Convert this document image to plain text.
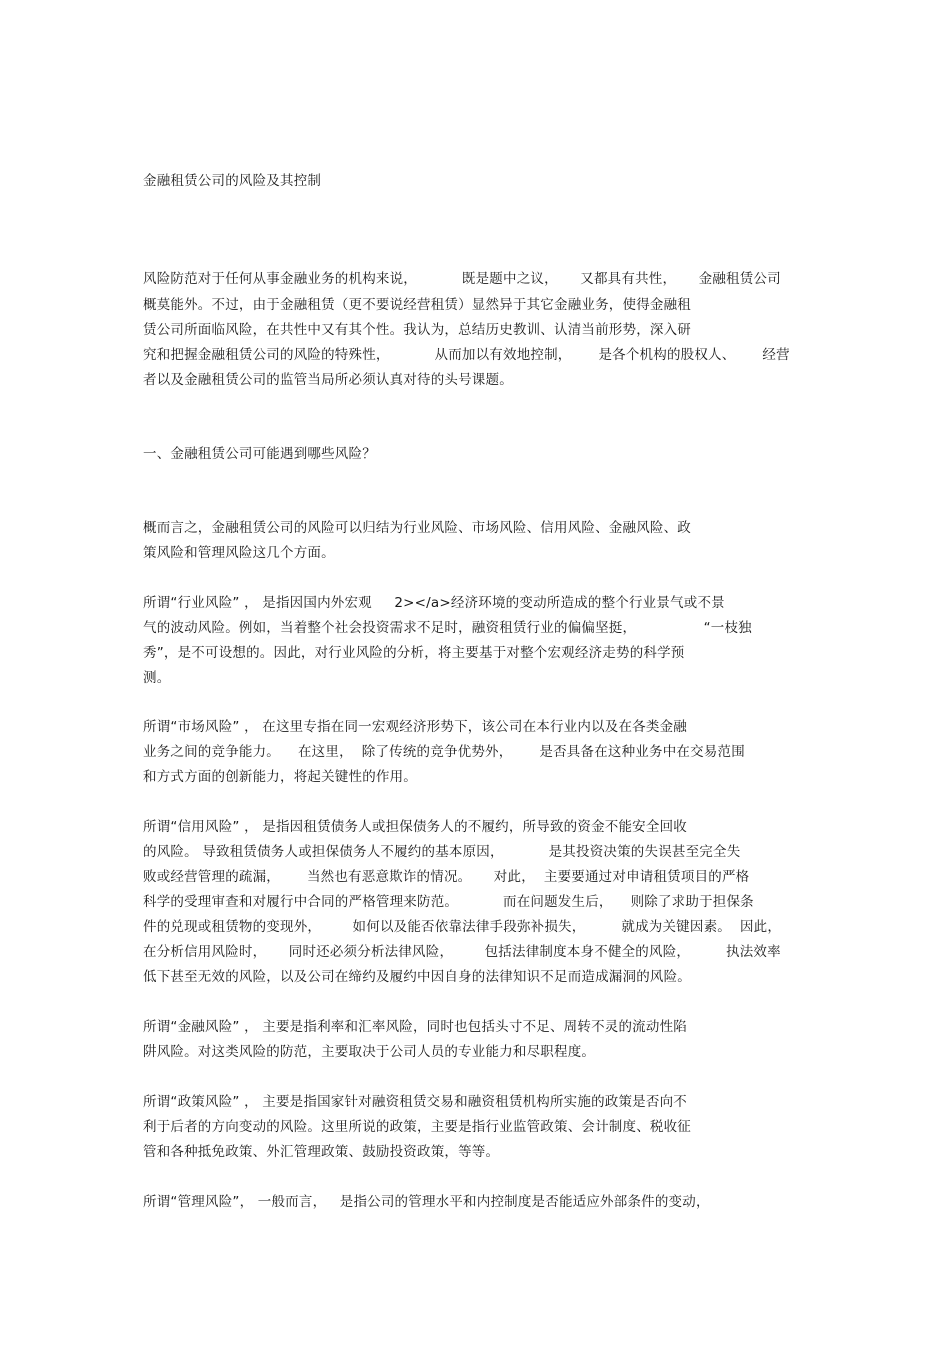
金融租赁公司的风险及其控制
风险防范对于任何从事金融业务的机构来说，          既是题中之议，     又都具有共性，     金融租赁公司
概莫能外。不过，由于金融租赁（更不要说经营租赁）显然异于其它金融业务，使得金融租
赁公司所面临风险，在共性中又有其个性。我认为，总结历史教训、认清当前形势，深入研
究和把握金融租赁公司的风险的特殊性，          从而加以有效地控制，      是各个机构的股权人、      经营
者以及金融租赁公司的监管当局所必须认真对待的头号课题。
一、金融租赁公司可能遇到哪些风险？
概而言之，金融租赁公司的风险可以归结为行业风险、市场风险、信用风险、金融风险、政
策风险和管理风险这几个方面。
所谓“行业风险” ， 是指因国内外宏观     2></a>经济环境的变动所造成的整个行业景气或不景
气的波动风险。例如，当着整个社会投资需求不足时，融资租赁行业的偏偏坚挺，               “一枝独
秀”，是不可设想的。因此，对行业风险的分析，将主要基于对整个宏观经济走势的科学预
测。
所谓“市场风险” ， 在这里专指在同一宏观经济形势下，该公司在本行业内以及在各类金融
业务之间的竞争能力。    在这里，  除了传统的竞争优势外，      是否具备在这种业务中在交易范围
和方式方面的创新能力，将起关键性的作用。
所谓“信用风险” ， 是指因租赁债务人或担保债务人的不履约，所导致的资金不能安全回收
的风险。 导致租赁债务人或担保债务人不履约的基本原因，          是其投资决策的失误甚至完全失
败或经营管理的疏漏，      当然也有恶意欺诈的情况。     对此，  主要要通过对申请租赁项目的严格
科学的受理审查和对履行中合同的严格管理来防范。          而在问题发生后，    则除了求助于担保条
件的兑现或租赁物的变现外，       如何以及能否依靠法律手段弥补损失，        就成为关键因素。  因此，
在分析信用风险时，     同时还必须分析法律风险，       包括法律制度本身不健全的风险，        执法效率
低下甚至无效的风险，以及公司在缔约及履约中因自身的法律知识不足而造成漏洞的风险。
所谓“金融风险” ， 主要是指利率和汇率风险，同时也包括头寸不足、周转不灵的流动性陷
阱风险。对这类风险的防范，主要取决于公司人员的专业能力和尽职程度。
所谓“政策风险” ， 主要是指国家针对融资租赁交易和融资租赁机构所实施的政策是否向不
利于后者的方向变动的风险。这里所说的政策，主要是指行业监管政策、会计制度、税收征
管和各种抵免政策、外汇管理政策、鼓励投资政策，等等。
所谓“管理风险”， 一般而言，   是指公司的管理水平和内控制度是否能适应外部条件的变动，
